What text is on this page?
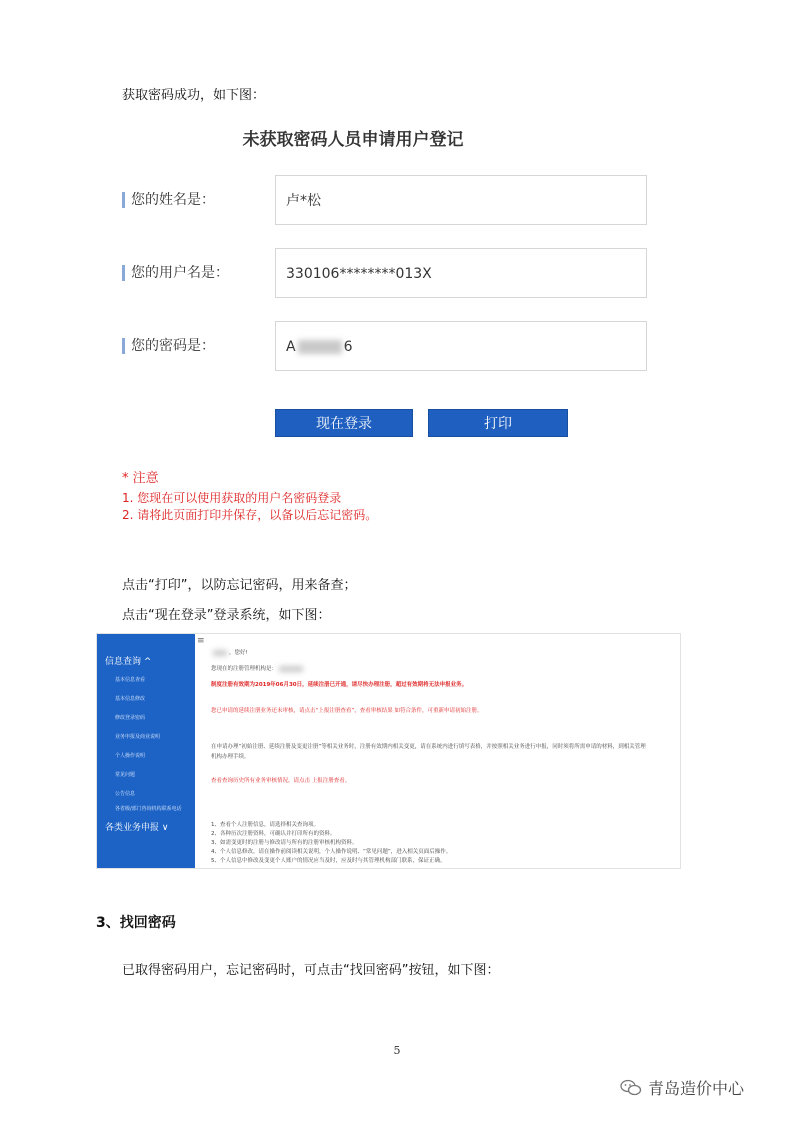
获取密码成功，如下图：
未获取密码人员申请用户登记
您的姓名是：	卢*松
您的用户名是：	330106********013X
您的密码是：	A	6
现在登录	打印
* 注意
1. 您现在可以使用获取的用户名密码登录
2. 请将此页面打印并保存，以备以后忘记密码。
点击“打印”，以防忘记密码，用来备查；
点击“现在登录”登录系统，如下图：
信息查询 ^
基本信息查看
基本信息修改
修改登录密码
业务申报及商业说明
个人操作说明
常见问题
公告信息
各省级/部门咨询机构联系电话
各类业务申报 ∨
≡
，您好!
您现在的注册管理机构是：
制度注册有效期为2019年06月30日，延续注册已开通，请尽快办理注册，超过有效期将无法申报业务。
您已申请的延续注册业务还未审核，请点击“上报注册查看”，查看审核结果 如符合条件，可重新申请初始注册。
在申请办理“初始注册、延续注册及变更注册”等相关业务时，注册有效期内相关变更，请在系统内进行填写表格，并按照相关业务进行申报，同时须将所需申请的材料，到相关管理
机构办理手续。
查看查询历史所有业务审核情况，请点击 上报注册查看。
1、查看个人注册信息，请选择相关查询项。
2、各种历次注册资料，可确认并打印所有的资料。
3、如需变更时的注册与修改请与所有的注册审核机构资料。
4、个人信息修改，请在操作前阅读相关说明，个人操作说明、“常见问题”，进入相关页面后操作。
5、个人信息中修改及变更个人账户的情况应当及时，应及时与其管理机构部门联系，保证正确。
3、找回密码
已取得密码用户，忘记密码时，可点击“找回密码”按钮，如下图：
5
青岛造价中心
